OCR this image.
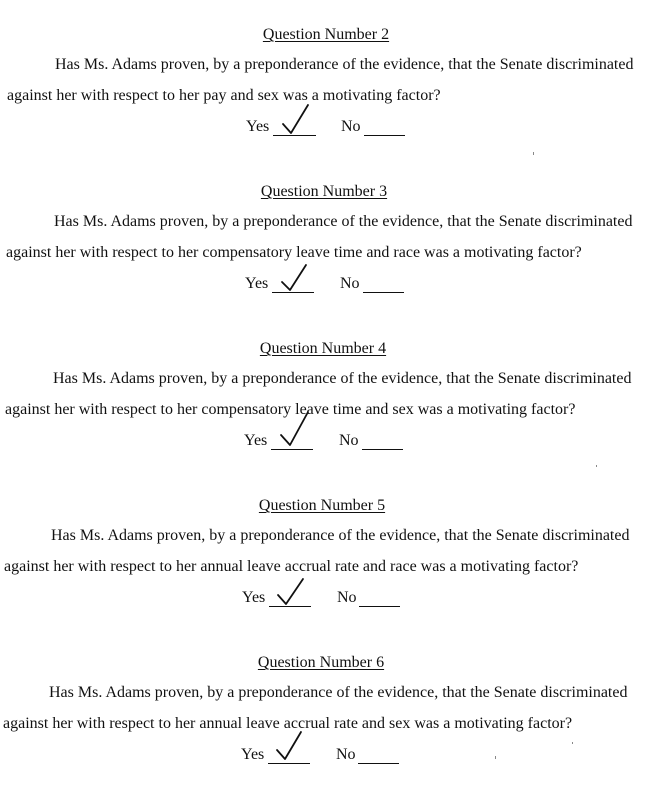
Question Number 2
Has Ms. Adams proven, by a preponderance of the evidence, that the Senate discriminated
against her with respect to her pay and sex was a motivating factor?
Yes	No
Question Number 3
Has Ms. Adams proven, by a preponderance of the evidence, that the Senate discriminated
against her with respect to her compensatory leave time and race was a motivating factor?
Yes	No
Question Number 4
Has Ms. Adams proven, by a preponderance of the evidence, that the Senate discriminated
against her with respect to her compensatory leave time and sex was a motivating factor?
Yes	No
Question Number 5
Has Ms. Adams proven, by a preponderance of the evidence, that the Senate discriminated
against her with respect to her annual leave accrual rate and race was a motivating factor?
Yes	No
Question Number 6
Has Ms. Adams proven, by a preponderance of the evidence, that the Senate discriminated
against her with respect to her annual leave accrual rate and sex was a motivating factor?
Yes	No
